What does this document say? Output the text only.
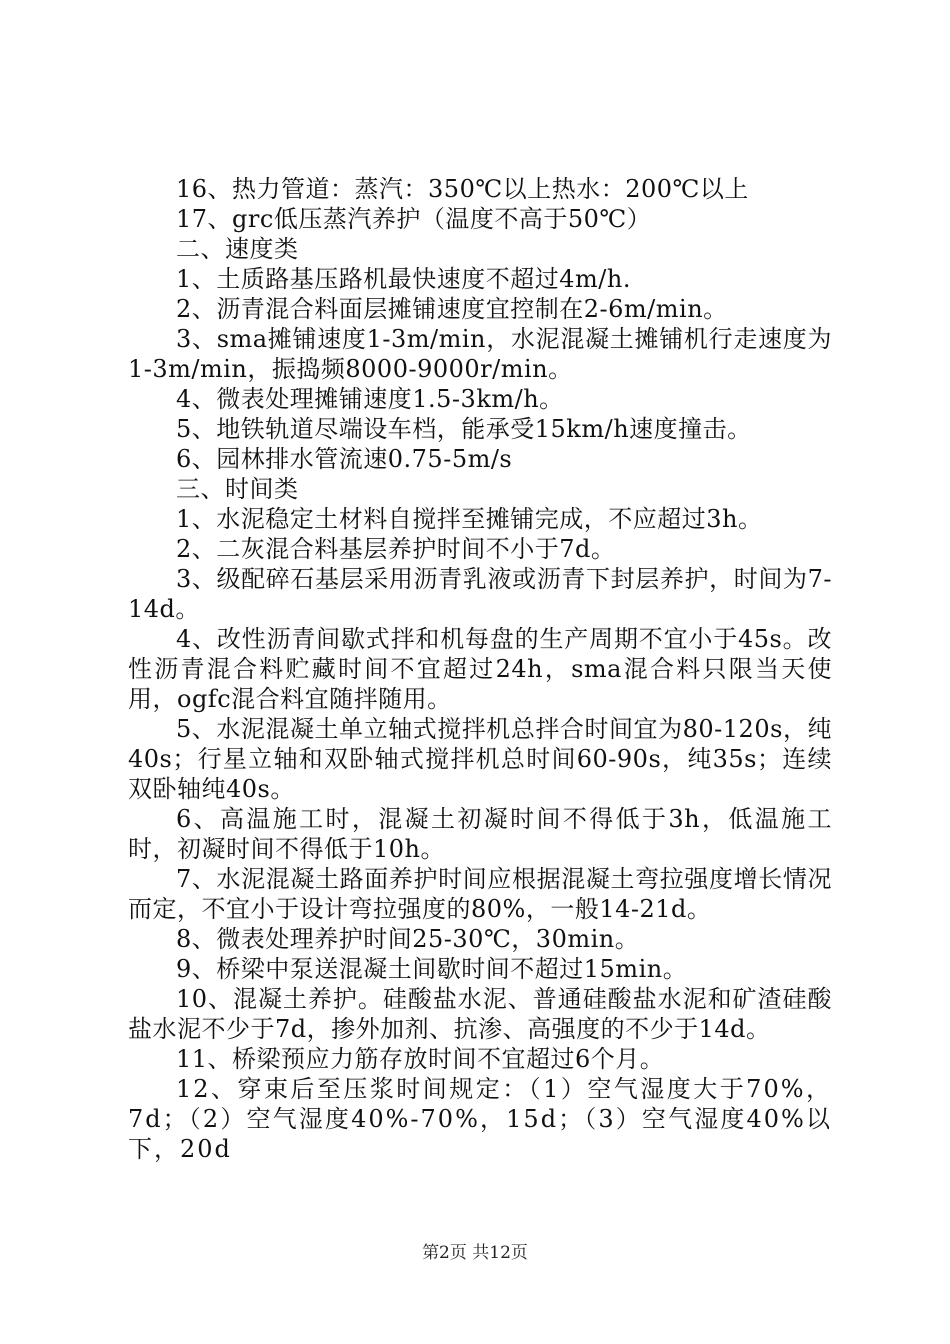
16、热力管道：蒸汽：350℃以上热水：200℃以上

17、grc低压蒸汽养护（温度不高于50℃）

二、速度类

1、土质路基压路机最快速度不超过4m/h.

2、沥青混合料面层摊铺速度宜控制在2-6m/min。

3、sma摊铺速度1-3m/min，水泥混凝土摊铺机行走速度为1-3m/min，振捣频8000-9000r/min。

4、微表处理摊铺速度1.5-3km/h。

5、地铁轨道尽端设车档，能承受15km/h速度撞击。

6、园林排水管流速0.75-5m/s

三、时间类

1、水泥稳定土材料自搅拌至摊铺完成，不应超过3h。

2、二灰混合料基层养护时间不小于7d。

3、级配碎石基层采用沥青乳液或沥青下封层养护，时间为7-14d。

4、改性沥青间歇式拌和机每盘的生产周期不宜小于45s。改性沥青混合料贮藏时间不宜超过24h，sma混合料只限当天使用，ogfc混合料宜随拌随用。

5、水泥混凝土单立轴式搅拌机总拌合时间宜为80-120s，纯40s；行星立轴和双卧轴式搅拌机总时间60-90s，纯35s；连续双卧轴纯40s。

6、高温施工时，混凝土初凝时间不得低于3h，低温施工时，初凝时间不得低于10h。

7、水泥混凝土路面养护时间应根据混凝土弯拉强度增长情况而定，不宜小于设计弯拉强度的80%，一般14-21d。

8、微表处理养护时间25-30℃，30min。

9、桥梁中泵送混凝土间歇时间不超过15min。

10、混凝土养护。硅酸盐水泥、普通硅酸盐水泥和矿渣硅酸盐水泥不少于7d，掺外加剂、抗渗、高强度的不少于14d。

11、桥梁预应力筋存放时间不宜超过6个月。

12、穿束后至压浆时间规定：（1）空气湿度大于70%，7d；（2）空气湿度40%-70%，15d；（3）空气湿度40%以下，20d

第2页 共12页
